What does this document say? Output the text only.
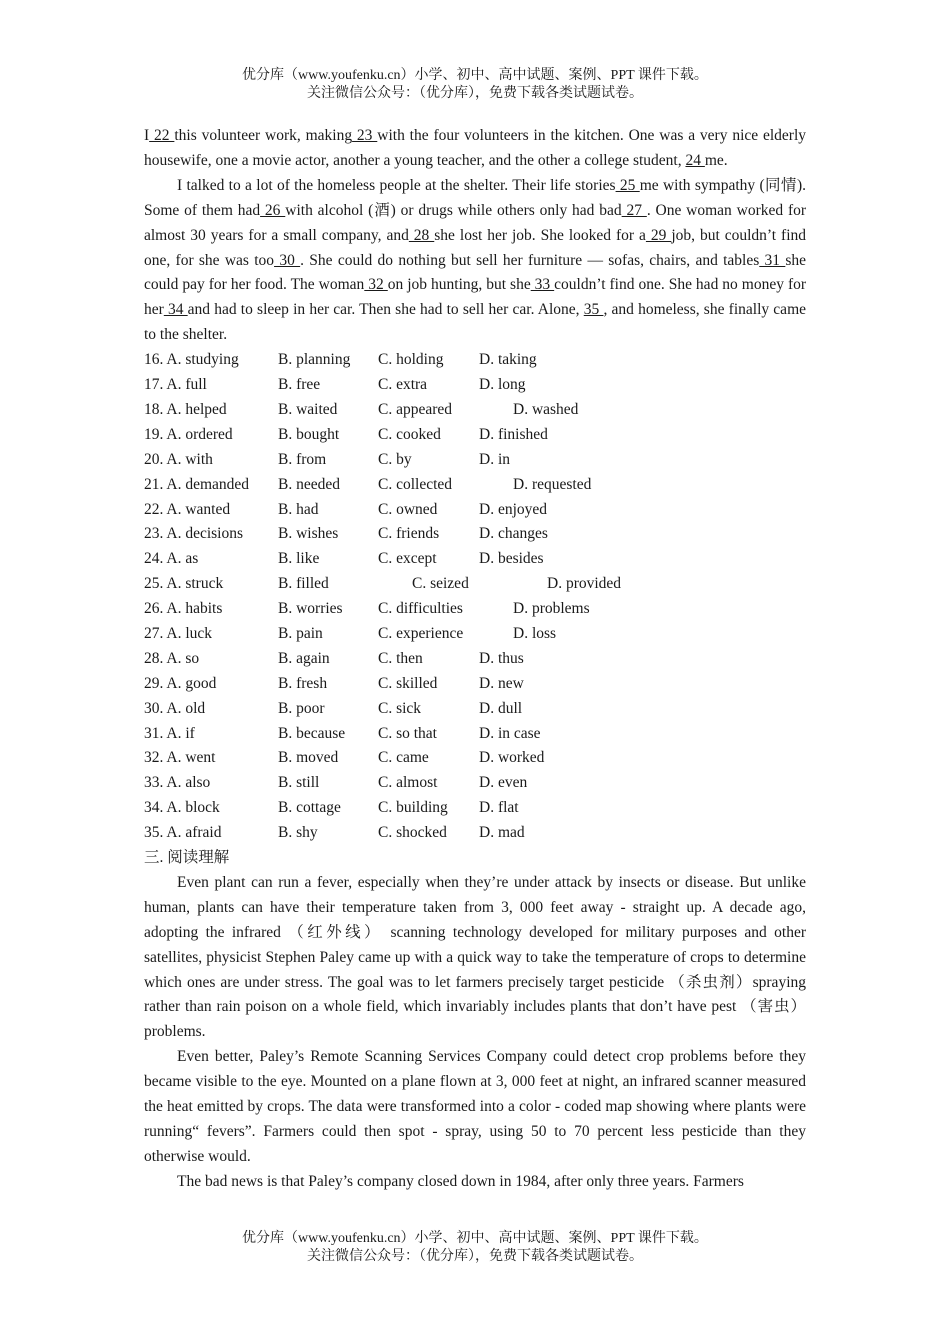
优分库（www.youfenku.cn）小学、初中、高中试题、案例、PPT 课件下载。
关注微信公众号：（优分库），免费下载各类试题试卷。

I 22 this volunteer work, making 23 with the four volunteers in the kitchen. One was a very nice elderly housewife, one a movie actor, another a young teacher, and the other a college student, 24 me.

I talked to a lot of the homeless people at the shelter. Their life stories 25 me with sympathy (同情). Some of them had 26 with alcohol (酒) or drugs while others only had bad 27 . One woman worked for almost 30 years for a small company, and 28 she lost her job. She looked for a 29 job, but couldn’t find one, for she was too 30 . She could do nothing but sell her furniture — sofas, chairs, and tables 31 she could pay for her food. The woman 32 on job hunting, but she 33 couldn’t find one. She had no money for her 34 and had to sleep in her car. Then she had to sell her car. Alone, 35 , and homeless, she finally came to the shelter.

16. A. studying	B. planning	C. holding	D. taking
17. A. full	B. free	C. extra	D. long
18. A. helped	B. waited	C. appeared	D. washed
19. A. ordered	B. bought	C. cooked	D. finished
20. A. with	B. from	C. by	D. in
21. A. demanded	B. needed	C. collected	D. requested
22. A. wanted	B. had	C. owned	D. enjoyed
23. A. decisions	B. wishes	C. friends	D. changes
24. A. as	B. like	C. except	D. besides
25. A. struck	B. filled	C. seized	D. provided
26. A. habits	B. worries	C. difficulties	D. problems
27. A. luck	B. pain	C. experience	D. loss
28. A. so	B. again	C. then	D. thus
29. A. good	B. fresh	C. skilled	D. new
30. A. old	B. poor	C. sick	D. dull
31. A. if	B. because	C. so that	D. in case
32. A. went	B. moved	C. came	D. worked
33. A. also	B. still	C. almost	D. even
34. A. block	B. cottage	C. building	D. flat
35. A. afraid	B. shy	C. shocked	D. mad

三. 阅读理解

Even plant can run a fever, especially when they’re under attack by insects or disease. But unlike human, plants can have their temperature taken from 3, 000 feet away - straight up. A decade ago, adopting the infrared （红外线） scanning technology developed for military purposes and other satellites, physicist Stephen Paley came up with a quick way to take the temperature of crops to determine which ones are under stress. The goal was to let farmers precisely target pesticide （杀虫剂）spraying rather than rain poison on a whole field, which invariably includes plants that don’t have pest （害虫）problems.

Even better, Paley’s Remote Scanning Services Company could detect crop problems before they became visible to the eye. Mounted on a plane flown at 3, 000 feet at night, an infrared scanner measured the heat emitted by crops. The data were transformed into a color - coded map showing where plants were running“ fevers”. Farmers could then spot - spray, using 50 to 70 percent less pesticide than they otherwise would.

The bad news is that Paley’s company closed down in 1984, after only three years. Farmers

优分库（www.youfenku.cn）小学、初中、高中试题、案例、PPT 课件下载。
关注微信公众号：（优分库），免费下载各类试题试卷。
